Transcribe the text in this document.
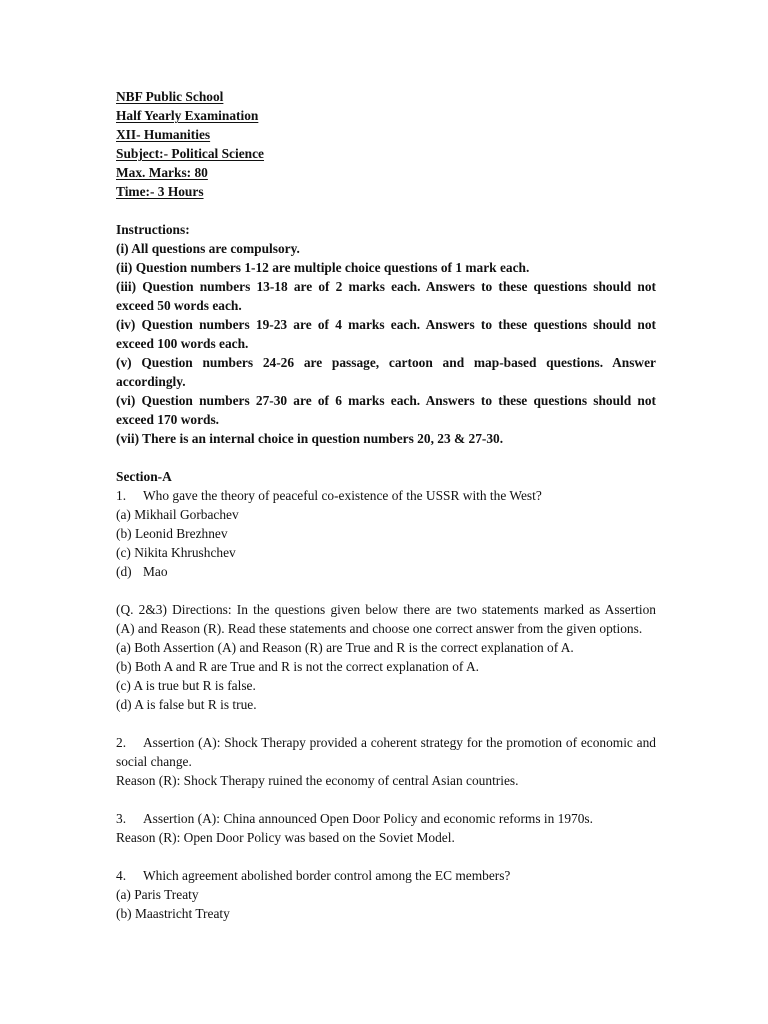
NBF Public School
Half Yearly Examination
XII- Humanities
Subject:- Political Science
Max. Marks: 80
Time:- 3 Hours
Instructions:
(i) All questions are compulsory.
(ii) Question numbers 1-12 are multiple choice questions of 1 mark each.
(iii) Question numbers 13-18 are of 2 marks each. Answers to these questions should not
exceed 50 words each.
(iv) Question numbers 19-23 are of 4 marks each. Answers to these questions should not
exceed 100 words each.
(v) Question numbers 24-26 are passage, cartoon and map-based questions. Answer
accordingly.
(vi) Question numbers 27-30 are of 6 marks each. Answers to these questions should not
exceed 170 words.
(vii) There is an internal choice in question numbers 20, 23 & 27-30.
Section-A
1. Who gave the theory of peaceful co-existence of the USSR with the West?
(a) Mikhail Gorbachev
(b) Leonid Brezhnev
(c) Nikita Khrushchev
(d) Mao
(Q. 2&3) Directions: In the questions given below there are two statements marked as Assertion
(A) and Reason (R). Read these statements and choose one correct answer from the given options.
(a) Both Assertion (A) and Reason (R) are True and R is the correct explanation of A.
(b) Both A and R are True and R is not the correct explanation of A.
(c) A is true but R is false.
(d) A is false but R is true.
2. Assertion (A): Shock Therapy provided a coherent strategy for the promotion of economic and
social change.
Reason (R): Shock Therapy ruined the economy of central Asian countries.
3. Assertion (A): China announced Open Door Policy and economic reforms in 1970s.
Reason (R): Open Door Policy was based on the Soviet Model.
4. Which agreement abolished border control among the EC members?
(a) Paris Treaty
(b) Maastricht Treaty
